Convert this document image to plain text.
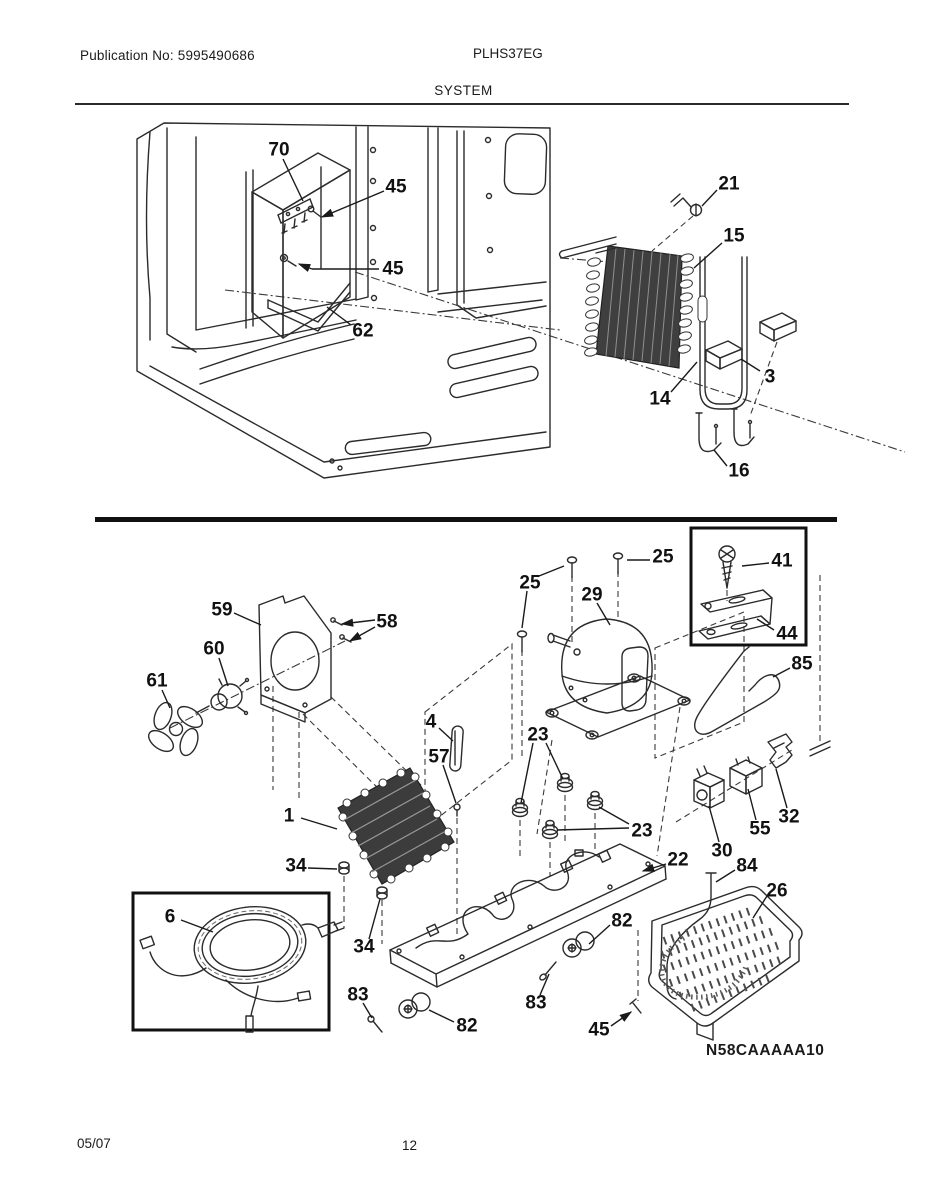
Publication No: 5995490686	PLHS37EG
SYSTEM
N58CAAAAA10
05/07	12
70
45
45
62
21
15
3
14
16
59
58
60
61
25
25
29
41
44
85
4
57
23
1
34
34
23
22 30
55
32
84
26
6	82
83
83
82	45
